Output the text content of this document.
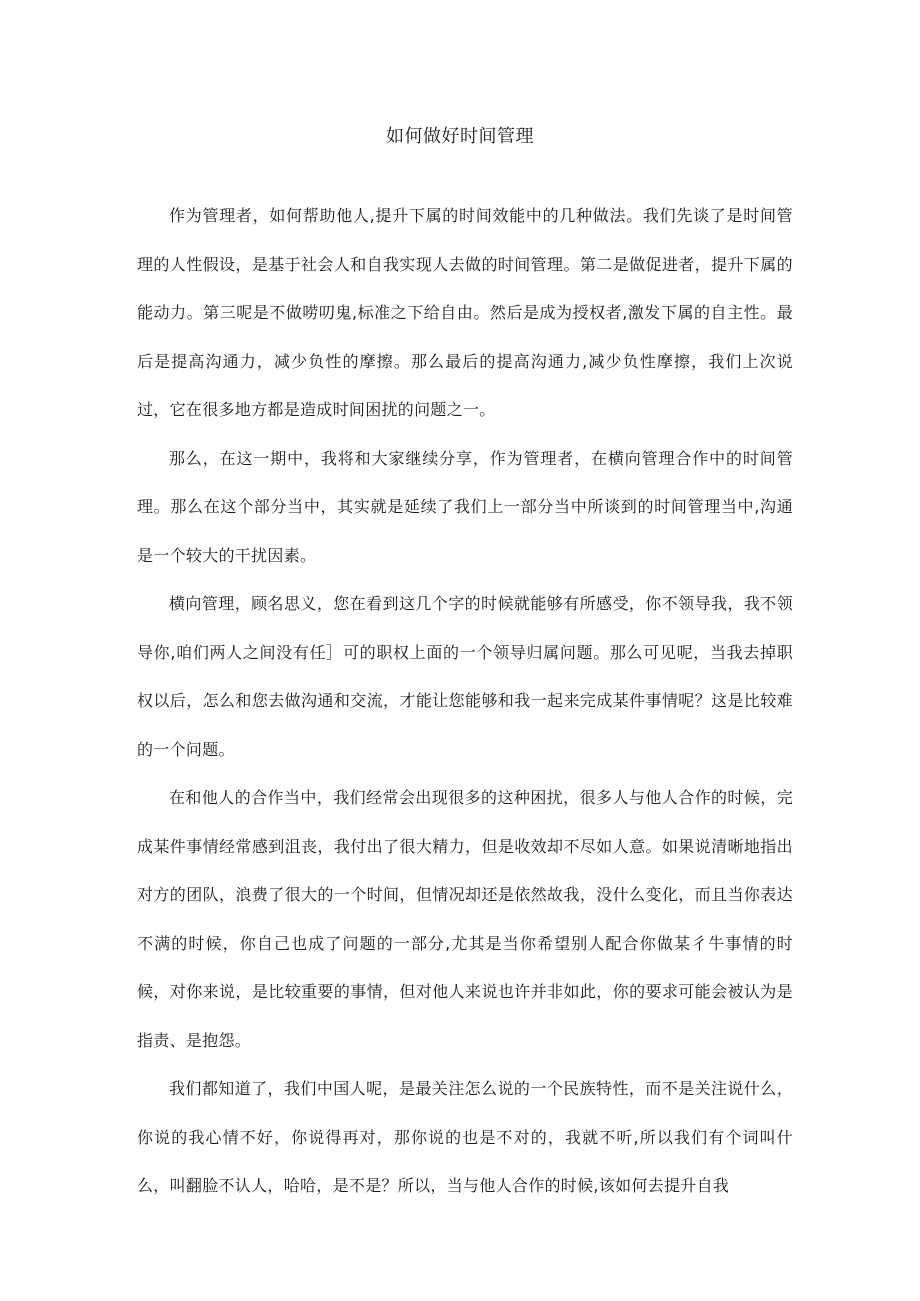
如何做好时间管理

作为管理者，如何帮助他人,提升下属的时间效能中的几种做法。我们先谈了是时间管理的人性假设，是基于社会人和自我实现人去做的时间管理。第二是做促进者，提升下属的能动力。第三呢是不做唠叨鬼,标准之下给自由。然后是成为授权者,激发下属的自主性。最后是提高沟通力，减少负性的摩擦。那么最后的提高沟通力,减少负性摩擦，我们上次说过，它在很多地方都是造成时间困扰的问题之一。

那么，在这一期中，我将和大家继续分享，作为管理者，在横向管理合作中的时间管理。那么在这个部分当中，其实就是延续了我们上一部分当中所谈到的时间管理当中,沟通是一个较大的干扰因素。

横向管理，顾名思义，您在看到这几个字的时候就能够有所感受，你不领导我，我不领导你,咱们两人之间没有任］可的职权上面的一个领导归属问题。那么可见呢，当我去掉职权以后，怎么和您去做沟通和交流，才能让您能够和我一起来完成某件事情呢？这是比较难的一个问题。

在和他人的合作当中，我们经常会出现很多的这种困扰，很多人与他人合作的时候，完成某件事情经常感到沮丧，我付出了很大精力，但是收效却不尽如人意。如果说清晰地指出对方的团队，浪费了很大的一个时间，但情况却还是依然故我，没什么变化，而且当你表达不满的时候，你自己也成了问题的一部分,尤其是当你希望别人配合你做某彳牛事情的时候，对你来说，是比较重要的事情，但对他人来说也许并非如此，你的要求可能会被认为是指责、是抱怨。

我们都知道了，我们中国人呢，是最关注怎么说的一个民族特性，而不是关注说什么，你说的我心情不好，你说得再对，那你说的也是不对的，我就不听,所以我们有个词叫什么，叫翻脸不认人，哈哈，是不是？所以，当与他人合作的时候,该如何去提升自我
